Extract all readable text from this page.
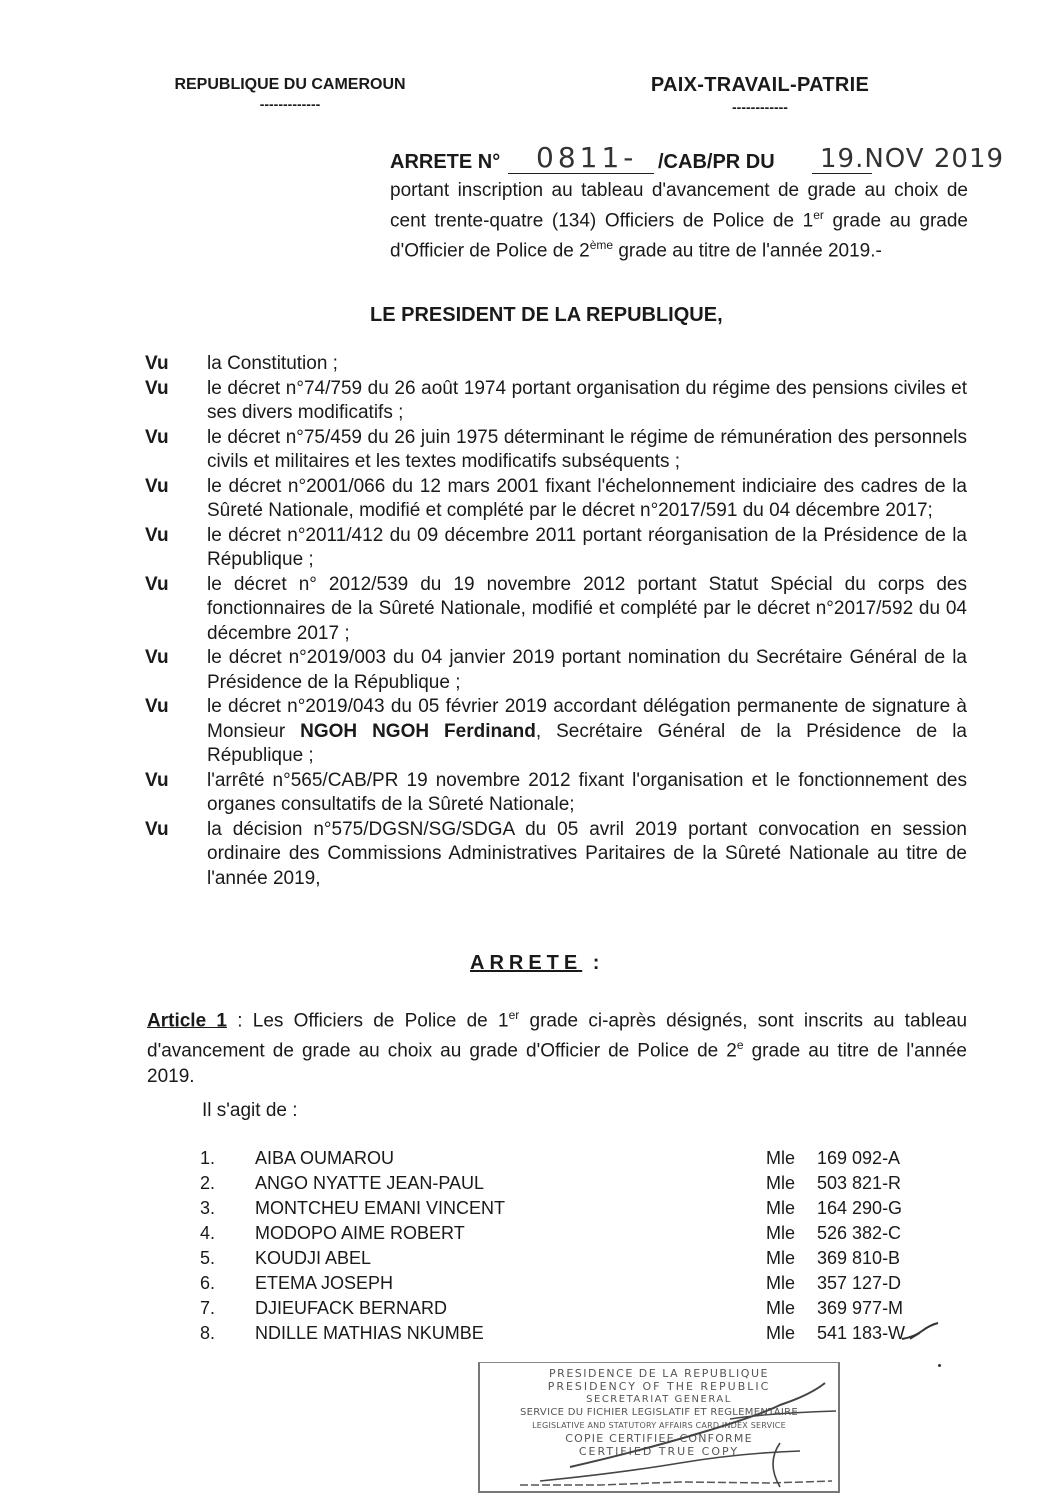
REPUBLIQUE DU CAMEROUN
-------------
PAIX-TRAVAIL-PATRIE
------------
ARRETE N° 0811- /CAB/PR DU 19.NOV 2019
portant inscription au tableau d'avancement de grade au choix de cent trente-quatre (134) Officiers de Police de 1er grade au grade d'Officier de Police de 2ème grade au titre de l'année 2019.-
LE PRESIDENT DE LA REPUBLIQUE,
Vu	la Constitution ;
Vu	le décret n°74/759 du 26 août 1974 portant organisation du régime des pensions civiles et ses divers modificatifs ;
Vu	le décret n°75/459 du 26 juin 1975 déterminant le régime de rémunération des personnels civils et militaires et les textes modificatifs subséquents ;
Vu	le décret n°2001/066 du 12 mars 2001 fixant l'échelonnement indiciaire des cadres de la Sûreté Nationale, modifié et complété par le décret n°2017/591 du 04 décembre 2017;
Vu	le décret n°2011/412 du 09 décembre 2011 portant réorganisation de la Présidence de la République ;
Vu	le décret n° 2012/539 du 19 novembre 2012 portant Statut Spécial du corps des fonctionnaires de la Sûreté Nationale, modifié et complété par le décret n°2017/592 du 04 décembre 2017 ;
Vu	le décret n°2019/003 du 04 janvier 2019 portant nomination du Secrétaire Général de la Présidence de la République ;
Vu	le décret n°2019/043 du 05 février 2019 accordant délégation permanente de signature à Monsieur NGOH NGOH Ferdinand, Secrétaire Général de la Présidence de la République ;
Vu	l'arrêté n°565/CAB/PR 19 novembre 2012 fixant l'organisation et le fonctionnement des organes consultatifs de la Sûreté Nationale;
Vu	la décision n°575/DGSN/SG/SDGA du 05 avril 2019 portant convocation en session ordinaire des Commissions Administratives Paritaires de la Sûreté Nationale au titre de l'année 2019,
ARRETE :
Article 1 : Les Officiers de Police de 1er grade ci-après désignés, sont inscrits au tableau d'avancement de grade au choix au grade d'Officier de Police de 2e grade au titre de l'année 2019.
Il s'agit de :
1.	AIBA OUMAROU	Mle 169 092-A
2.	ANGO NYATTE JEAN-PAUL	Mle 503 821-R
3.	MONTCHEU EMANI VINCENT	Mle 164 290-G
4.	MODOPO AIME ROBERT	Mle 526 382-C
5.	KOUDJI ABEL	Mle 369 810-B
6.	ETEMA JOSEPH	Mle 357 127-D
7.	DJIEUFACK BERNARD	Mle 369 977-M
8.	NDILLE MATHIAS NKUMBE	Mle 541 183-W
PRESIDENCE DE LA REPUBLIQUE
PRESIDENCY OF THE REPUBLIC
SECRETARIAT GENERAL
SERVICE DU FICHIER LEGISLATIF ET REGLEMENTAIRE
LEGISLATIVE AND STATUTORY AFFAIRS CARD INDEX SERVICE
COPIE CERTIFIEE CONFORME
CERTIFIED TRUE COPY
